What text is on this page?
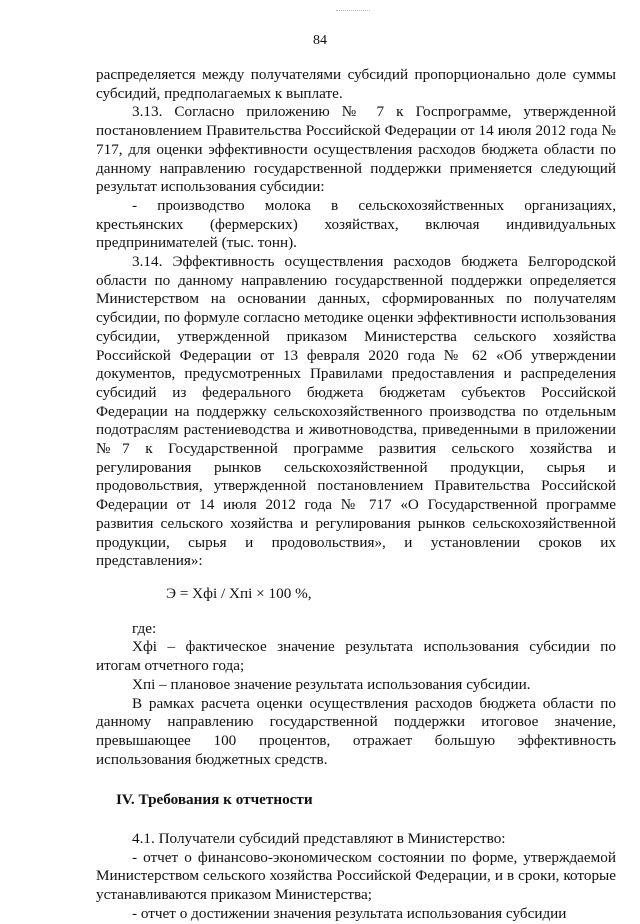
84

распределяется между получателями субсидий пропорционально доле суммы субсидий, предполагаемых к выплате.

3.13. Согласно приложению № 7 к Госпрограмме, утвержденной постановлением Правительства Российской Федерации от 14 июля 2012 года № 717, для оценки эффективности осуществления расходов бюджета области по данному направлению государственной поддержки применяется следующий результат использования субсидии:

- производство молока в сельскохозяйственных организациях, крестьянских (фермерских) хозяйствах, включая индивидуальных предпринимателей (тыс. тонн).

3.14. Эффективность осуществления расходов бюджета Белгородской области по данному направлению государственной поддержки определяется Министерством на основании данных, сформированных по получателям субсидии, по формуле согласно методике оценки эффективности использования субсидии, утвержденной приказом Министерства сельского хозяйства Российской Федерации от 13 февраля 2020 года № 62 «Об утверждении документов, предусмотренных Правилами предоставления и распределения субсидий из федерального бюджета бюджетам субъектов Российской Федерации на поддержку сельскохозяйственного производства по отдельным подотраслям растениеводства и животноводства, приведенными в приложении №7 к Государственной программе развития сельского хозяйства и регулирования рынков сельскохозяйственной продукции, сырья и продовольствия, утвержденной постановлением Правительства Российской Федерации от 14 июля 2012 года № 717 «О Государственной программе развития сельского хозяйства и регулирования рынков сельскохозяйственной продукции, сырья и продовольствия», и установлении сроков их представления»:

Э = Хфі / Хпі × 100 %,

где:

Хфі – фактическое значение результата использования субсидии по итогам отчетного года;

Хпі – плановое значение результата использования субсидии.

В рамках расчета оценки осуществления расходов бюджета области по данному направлению государственной поддержки итоговое значение, превышающее 100 процентов, отражает большую эффективность использования бюджетных средств.

IV. Требования к отчетности

4.1. Получатели субсидий представляют в Министерство:

- отчет о финансово-экономическом состоянии по форме, утверждаемой Министерством сельского хозяйства Российской Федерации, и в сроки, которые устанавливаются приказом Министерства;

- отчет о достижении значения результата использования субсидии
